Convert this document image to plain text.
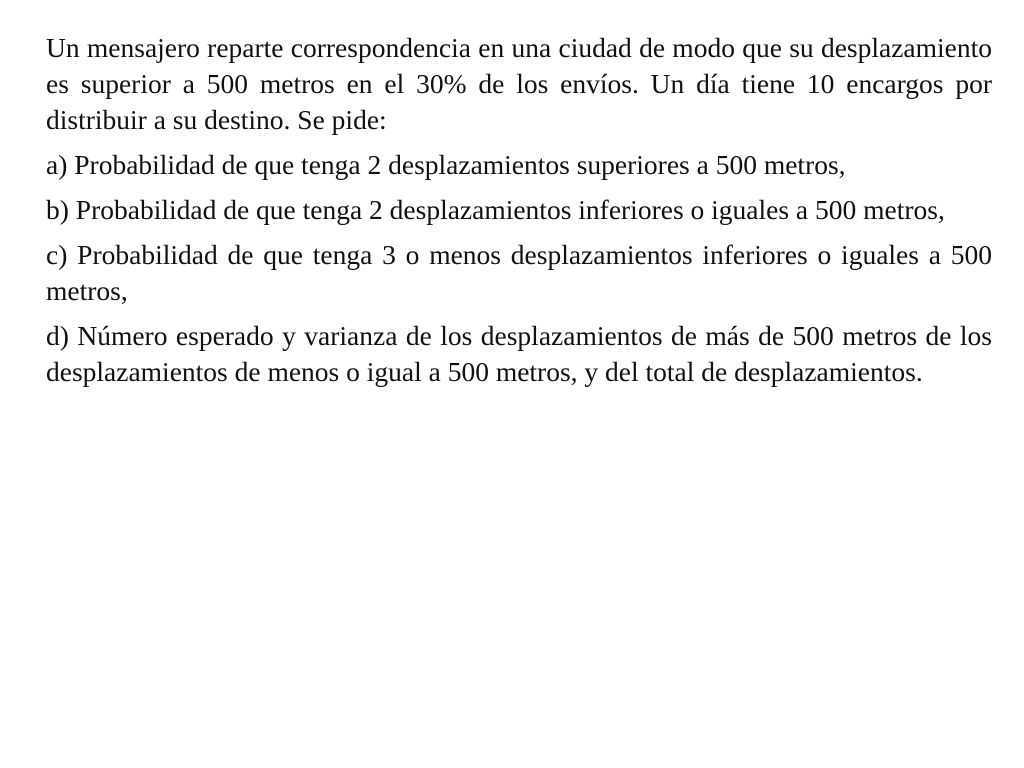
Un mensajero reparte correspondencia en una ciudad de modo que su desplazamiento es superior a 500 metros en el 30% de los envíos. Un día tiene 10 encargos por distribuir a su destino. Se pide:

a) Probabilidad de que tenga 2 desplazamientos superiores a 500 metros,

b) Probabilidad de que tenga 2 desplazamientos inferiores o iguales a 500 metros,

c) Probabilidad de que tenga 3 o menos desplazamientos inferiores o iguales a 500 metros,

d) Número esperado y varianza de los desplazamientos de más de 500 metros de los desplazamientos de menos o igual a 500 metros, y del total de desplazamientos.
